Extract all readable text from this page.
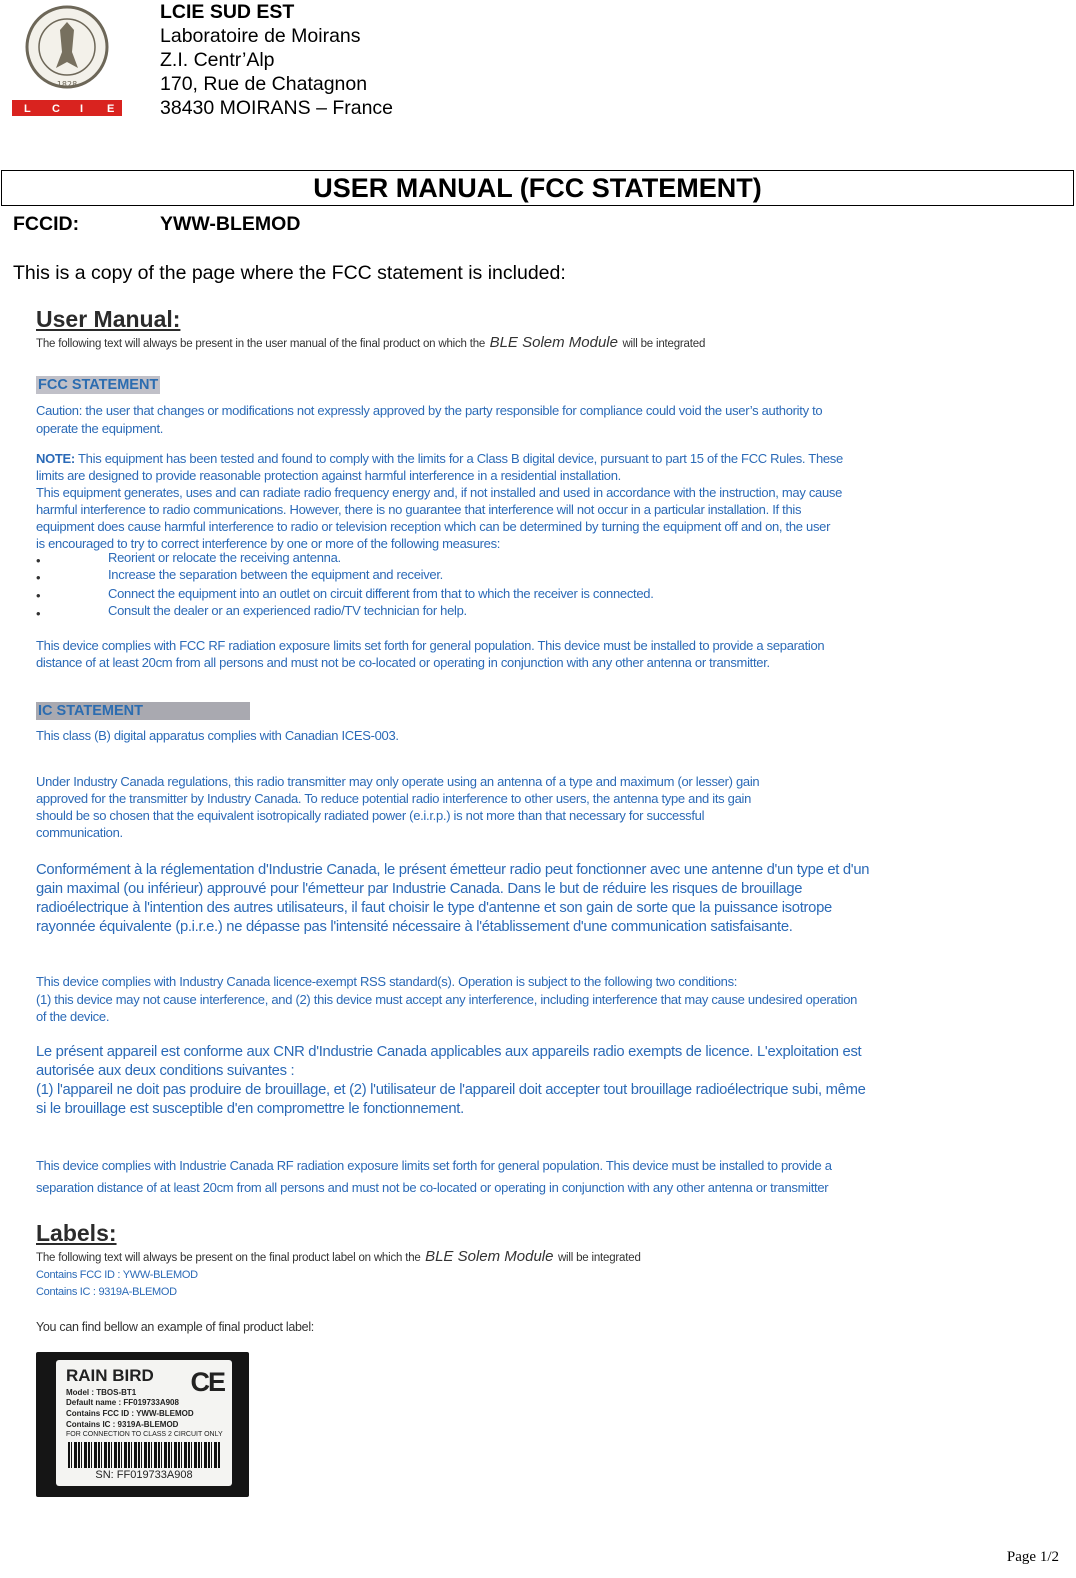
1828
L C I E
LCIE SUD EST
Laboratoire de Moirans
Z.I. Centr’Alp
170, Rue de Chatagnon
38430 MOIRANS – France
USER MANUAL (FCC STATEMENT)
FCCID:	YWW-BLEMOD
This is a copy of the page where the FCC statement is included:
User Manual:
The following text will always be present in the user manual of the final product on which the BLE Solem Module will be integrated
FCC STATEMENT
Caution: the user that changes or modifications not expressly approved by the party responsible for compliance could void the user’s authority to
operate the equipment.
NOTE: This equipment has been tested and found to comply with the limits for a Class B digital device, pursuant to part 15 of the FCC Rules. These
limits are designed to provide reasonable protection against harmful interference in a residential installation.
This equipment generates, uses and can radiate radio frequency energy and, if not installed and used in accordance with the instruction, may cause
harmful interference to radio communications. However, there is no guarantee that interference will not occur in a particular installation. If this
equipment does cause harmful interference to radio or television reception which can be determined by turning the equipment off and on, the user
is encouraged to try to correct interference by one or more of the following measures:
•	Reorient or relocate the receiving antenna.
•	Increase the separation between the equipment and receiver.
•	Connect the equipment into an outlet on circuit different from that to which the receiver is connected.
•	Consult the dealer or an experienced radio/TV technician for help.
This device complies with FCC RF radiation exposure limits set forth for general population. This device must be installed to provide a separation
distance of at least 20cm from all persons and must not be co-located or operating in conjunction with any other antenna or transmitter.
IC STATEMENT
This class (B) digital apparatus complies with Canadian ICES-003.
Under Industry Canada regulations, this radio transmitter may only operate using an antenna of a type and maximum (or lesser) gain
approved for the transmitter by Industry Canada. To reduce potential radio interference to other users, the antenna type and its gain
should be so chosen that the equivalent isotropically radiated power (e.i.r.p.) is not more than that necessary for successful
communication.
Conformément à la réglementation d'Industrie Canada, le présent émetteur radio peut fonctionner avec une antenne d'un type et d'un
gain maximal (ou inférieur) approuvé pour l'émetteur par Industrie Canada. Dans le but de réduire les risques de brouillage
radioélectrique à l'intention des autres utilisateurs, il faut choisir le type d'antenne et son gain de sorte que la puissance isotrope
rayonnée équivalente (p.i.r.e.) ne dépasse pas l'intensité nécessaire à l'établissement d'une communication satisfaisante.
This device complies with Industry Canada licence-exempt RSS standard(s). Operation is subject to the following two conditions:
(1) this device may not cause interference, and (2) this device must accept any interference, including interference that may cause undesired operation
of the device.
Le présent appareil est conforme aux CNR d'Industrie Canada applicables aux appareils radio exempts de licence. L'exploitation est
autorisée aux deux conditions suivantes :
(1) l'appareil ne doit pas produire de brouillage, et (2) l'utilisateur de l'appareil doit accepter tout brouillage radioélectrique subi, même
si le brouillage est susceptible d'en compromettre le fonctionnement.
This device complies with Industrie Canada RF radiation exposure limits set forth for general population. This device must be installed to provide a
separation distance of at least 20cm from all persons and must not be co-located or operating in conjunction with any other antenna or transmitter
Labels:
The following text will always be present on the final product label on which the BLE Solem Module will be integrated
Contains FCC ID : YWW-BLEMOD
Contains IC : 9319A-BLEMOD
You can find bellow an example of final product label:
RAIN BIRD CE
Model : TBOS-BT1
Default name : FF019733A908
Contains FCC ID : YWW-BLEMOD
Contains IC : 9319A-BLEMOD
FOR CONNECTION TO CLASS 2 CIRCUIT ONLY
SN: FF019733A908
Page 1/2
